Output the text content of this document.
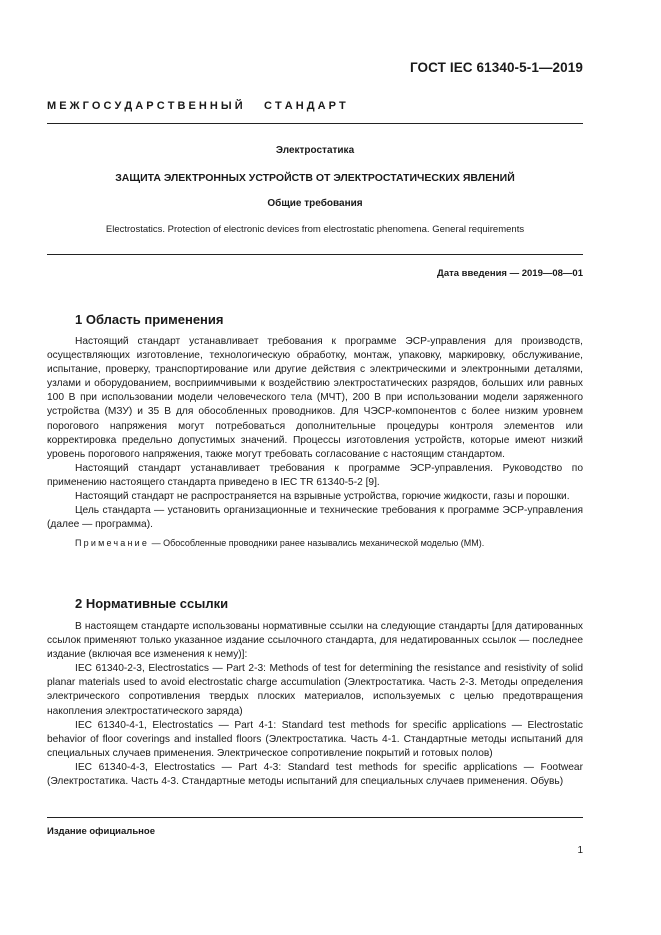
ГОСТ IEC 61340-5-1—2019
М Е Ж Г О С У Д А Р С Т В Е Н Н Ы Й       С Т А Н Д А Р Т
Электростатика
ЗАЩИТА ЭЛЕКТРОННЫХ УСТРОЙСТВ ОТ ЭЛЕКТРОСТАТИЧЕСКИХ ЯВЛЕНИЙ
Общие требования
Electrostatics. Protection of electronic devices from electrostatic phenomena. General requirements
Дата введения — 2019—08—01
1 Область применения

Настоящий стандарт устанавливает требования к программе ЭСР-управления для производств, осуществляющих изготовление, технологическую обработку, монтаж, упаковку, маркировку, обслуживание, испытание, проверку, транспортирование или другие действия с электрическими и электронными деталями, узлами и оборудованием, восприимчивыми к воздействию электростатических разрядов, больших или равных 100 В при использовании модели человеческого тела (МЧТ), 200 В при использовании модели заряженного устройства (МЗУ) и 35 В для обособленных проводников. Для ЧЭСР-компонентов с более низким уровнем порогового напряжения могут потребоваться дополнительные процедуры контроля элементов или корректировка предельно допустимых значений. Процессы изготовления устройств, которые имеют низкий уровень порогового напряжения, также могут требовать согласование с настоящим стандартом.

Настоящий стандарт устанавливает требования к программе ЭСР-управления. Руководство по применению настоящего стандарта приведено в IEC TR 61340-5-2 [9].

Настоящий стандарт не распространяется на взрывные устройства, горючие жидкости, газы и порошки.

Цель стандарта — установить организационные и технические требования к программе ЭСР-управления (далее — программа).

Примечание — Обособленные проводники ранее назывались механической моделью (ММ).

2 Нормативные ссылки

В настоящем стандарте использованы нормативные ссылки на следующие стандарты [для датированных ссылок применяют только указанное издание ссылочного стандарта, для недатированных ссылок — последнее издание (включая все изменения к нему)]:

IEC 61340-2-3, Electrostatics — Part 2-3: Methods of test for determining the resistance and resistivity of solid planar materials used to avoid electrostatic charge accumulation (Электростатика. Часть 2-3. Методы определения электрического сопротивления твердых плоских материалов, используемых с целью предотвращения накопления электростатического заряда)

IEC 61340-4-1, Electrostatics — Part 4-1: Standard test methods for specific applications — Electrostatic behavior of floor coverings and installed floors (Электростатика. Часть 4-1. Стандартные методы испытаний для специальных случаев применения. Электрическое сопротивление покрытий и готовых полов)

IEC 61340-4-3, Electrostatics — Part 4-3: Standard test methods for specific applications — Footwear (Электростатика. Часть 4-3. Стандартные методы испытаний для специальных случаев применения. Обувь)

Издание официальное
1
